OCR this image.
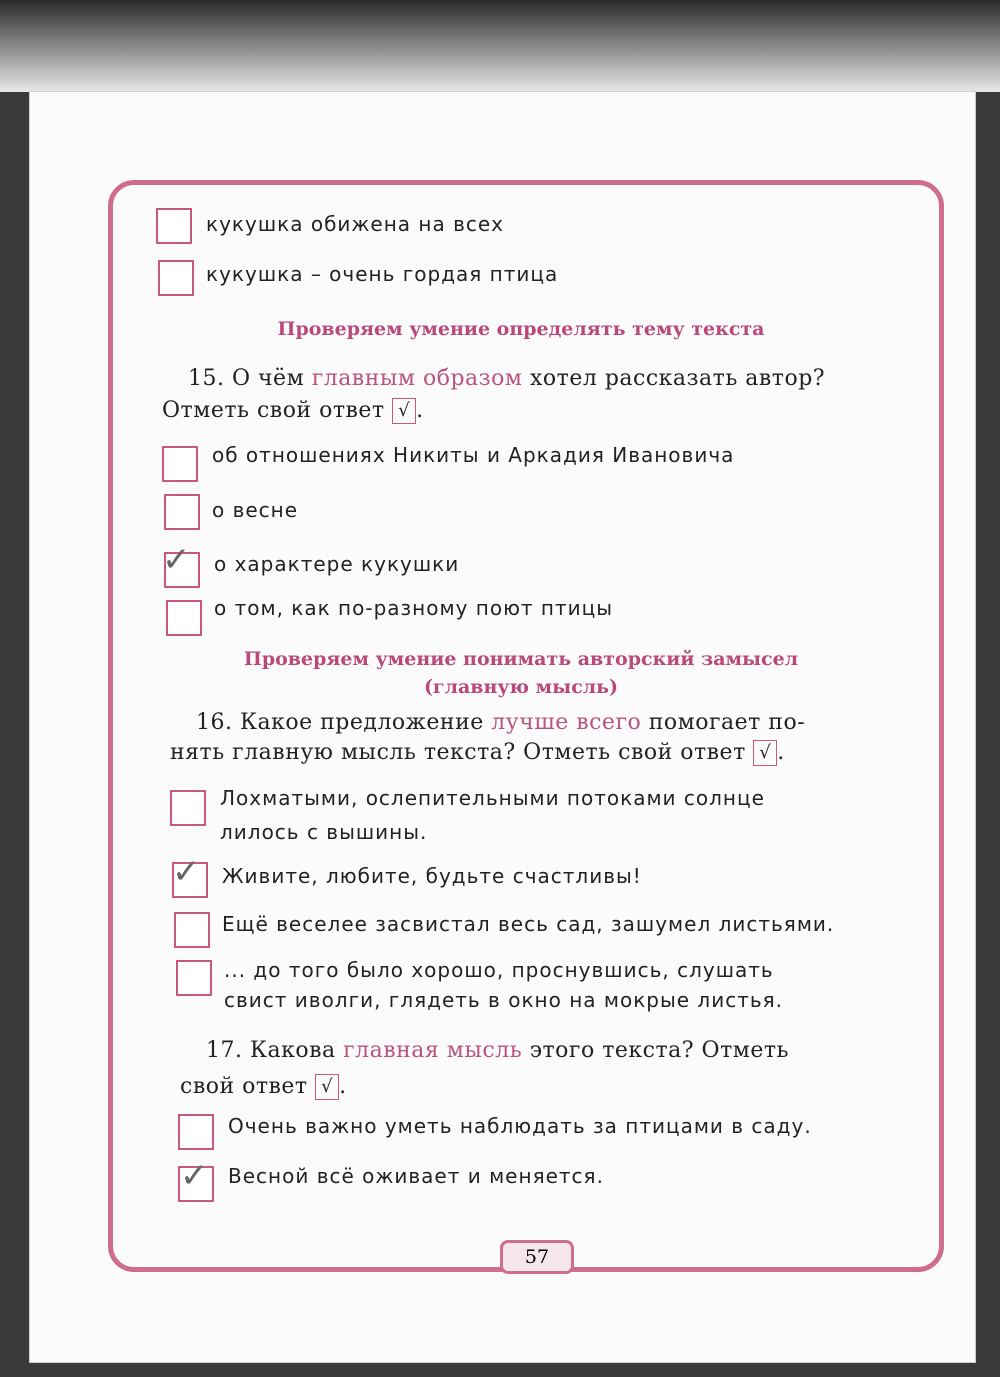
кукушка обижена на всех
кукушка – очень гордая птица
Проверяем умение определять тему текста
15. О чём главным образом хотел рассказать автор?
Отметь свой ответ √ .
об отношениях Никиты и Аркадия Ивановича
о весне
✓ о характере кукушки
о том, как по-разному поют птицы
Проверяем умение понимать авторский замысел
(главную мысль)
16. Какое предложение лучше всего помогает по-
нять главную мысль текста? Отметь свой ответ √ .
Лохматыми, ослепительными потоками солнце
лилось с вышины.
✓ Живите, любите, будьте счастливы!
Ещё веселее засвистал весь сад, зашумел листьями.
... до того было хорошо, проснувшись, слушать
свист иволги, глядеть в окно на мокрые листья.
17. Какова главная мысль этого текста? Отметь
свой ответ √ .
Очень важно уметь наблюдать за птицами в саду.
✓ Весной всё оживает и меняется.
57
